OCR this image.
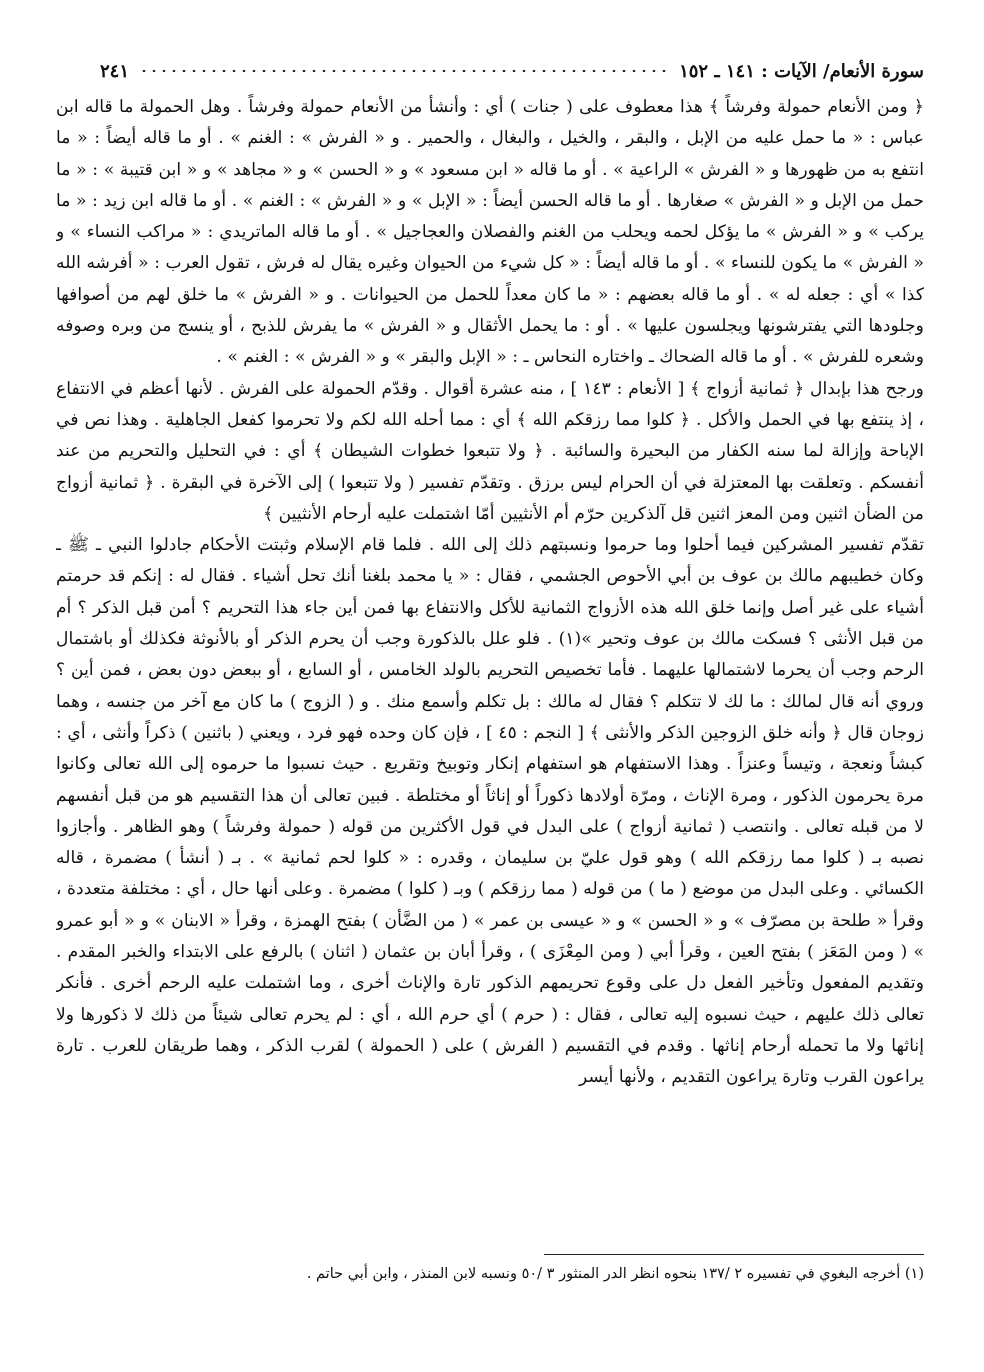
سورة الأنعام/ الآيات : ١٤١ ـ ١٥٢
٢٤١

﴿ ومن الأنعام حمولة وفرشاً ﴾ هذا معطوف على ( جنات ) أي : وأنشأ من الأنعام حمولة وفرشاً . وهل الحمولة ما قاله ابن عباس : « ما حمل عليه من الإبل ، والبقر ، والخيل ، والبغال ، والحمير . و « الفرش » : الغنم » . أو ما قاله أيضاً : « ما انتفع به من ظهورها و « الفرش » الراعية » . أو ما قاله « ابن مسعود » و « الحسن » و « مجاهد » و « ابن قتيبة » : « ما حمل من الإبل و « الفرش » صغارها . أو ما قاله الحسن أيضاً : « الإبل » و « الفرش » : الغنم » . أو ما قاله ابن زيد : « ما يركب » و « الفرش » ما يؤكل لحمه ويحلب من الغنم والفصلان والعجاجيل » . أو ما قاله الماتريدي : « مراكب النساء » و « الفرش » ما يكون للنساء » . أو ما قاله أيضاً : « كل شيء من الحيوان وغيره يقال له فرش ، تقول العرب : « أفرشه الله كذا » أي : جعله له » . أو ما قاله بعضهم : « ما كان معداً للحمل من الحيوانات . و « الفرش » ما خلق لهم من أصوافها وجلودها التي يفترشونها ويجلسون عليها » . أو : ما يحمل الأثقال و « الفرش » ما يفرش للذبح ، أو ينسج من وبره وصوفه وشعره للفرش » . أو ما قاله الضحاك ـ واختاره النحاس ـ : « الإبل والبقر » و « الفرش » : الغنم » .

ورجح هذا بإبدال ﴿ ثمانية أزواج ﴾ [ الأنعام : ١٤٣ ] ، منه عشرة أقوال . وقدّم الحمولة على الفرش . لأنها أعظم في الانتفاع ، إذ ينتفع بها في الحمل والأكل . ﴿ كلوا مما رزقكم الله ﴾ أي : مما أحله الله لكم ولا تحرموا كفعل الجاهلية . وهذا نص في الإباحة وإزالة لما سنه الكفار من البحيرة والسائبة . ﴿ ولا تتبعوا خطوات الشيطان ﴾ أي : في التحليل والتحريم من عند أنفسكم . وتعلقت بها المعتزلة في أن الحرام ليس برزق . وتقدّم تفسير ( ولا تتبعوا ) إلى الآخرة في البقرة . ﴿ ثمانية أزواج من الضأن اثنين ومن المعز اثنين قل آلذكرين حرّم أم الأنثيين أمّا اشتملت عليه أرحام الأنثيين ﴾

تقدّم تفسير المشركين فيما أحلوا وما حرموا ونسبتهم ذلك إلى الله . فلما قام الإسلام وثبتت الأحكام جادلوا النبي ـ ﷺ ـ وكان خطيبهم مالك بن عوف بن أبي الأحوص الجشمي ، فقال : « يا محمد بلغنا أنك تحل أشياء . فقال له : إنكم قد حرمتم أشياء على غير أصل وإنما خلق الله هذه الأزواج الثمانية للأكل والانتفاع بها فمن أين جاء هذا التحريم ؟ أمن قبل الذكر ؟ أم من قبل الأنثى ؟ فسكت مالك بن عوف وتحير »(١) . فلو علل بالذكورة وجب أن يحرم الذكر أو بالأنوثة فكذلك أو باشتمال الرحم وجب أن يحرما لاشتمالها عليهما . فأما تخصيص التحريم بالولد الخامس ، أو السابع ، أو ببعض دون بعض ، فمن أين ؟ وروي أنه قال لمالك : ما لك لا تتكلم ؟ فقال له مالك : بل تكلم وأسمع منك . و ( الزوج ) ما كان مع آخر من جنسه ، وهما زوجان قال ﴿ وأنه خلق الزوجين الذكر والأنثى ﴾ [ النجم : ٤٥ ] ، فإن كان وحده فهو فرد ، ويعني ( باثنين ) ذكراً وأنثى ، أي : كبشاً ونعجة ، وتيساً وعنزاً . وهذا الاستفهام هو استفهام إنكار وتوبيخ وتقريع . حيث نسبوا ما حرموه إلى الله تعالى وكانوا مرة يحرمون الذكور ، ومرة الإناث ، ومرّة أولادها ذكوراً أو إناثاً أو مختلطة . فبين تعالى أن هذا التقسيم هو من قبل أنفسهم لا من قبله تعالى . وانتصب ( ثمانية أزواج ) على البدل في قول الأكثرين من قوله ( حمولة وفرشاً ) وهو الظاهر . وأجازوا نصبه بـ ( كلوا مما رزقكم الله ) وهو قول عليّ بن سليمان ، وقدره : « كلوا لحم ثمانية » . بـ ( أنشأ ) مضمرة ، قاله الكسائي . وعلى البدل من موضع ( ما ) من قوله ( مما رزقكم ) وبـ ( كلوا ) مضمرة . وعلى أنها حال ، أي : مختلفة متعددة ، وقرأ « طلحة بن مصرّف » و « الحسن » و « عيسى بن عمر » ( من الضَّأن ) بفتح الهمزة ، وقرأ « الابنان » و « أبو عمرو » ( ومن المَعَز ) بفتح العين ، وقرأ أبي ( ومن المِعْزَى ) ، وقرأ أبان بن عثمان ( اثنان ) بالرفع على الابتداء والخبر المقدم . وتقديم المفعول وتأخير الفعل دل على وقوع تحريمهم الذكور تارة والإناث أخرى ، وما اشتملت عليه الرحم أخرى . فأنكر تعالى ذلك عليهم ، حيث نسبوه إليه تعالى ، فقال : ( حرم ) أي حرم الله ، أي : لم يحرم تعالى شيئاً من ذلك لا ذكورها ولا إناثها ولا ما تحمله أرحام إناثها . وقدم في التقسيم ( الفرش ) على ( الحمولة ) لقرب الذكر ، وهما طريقان للعرب . تارة يراعون القرب وتارة يراعون التقديم ، ولأنها أيسر

(١) أخرجه البغوي في تفسيره ٢ /١٣٧ بنحوه انظر الدر المنثور ٣ /٥٠ ونسبه لابن المنذر ، وابن أبي حاتم .
